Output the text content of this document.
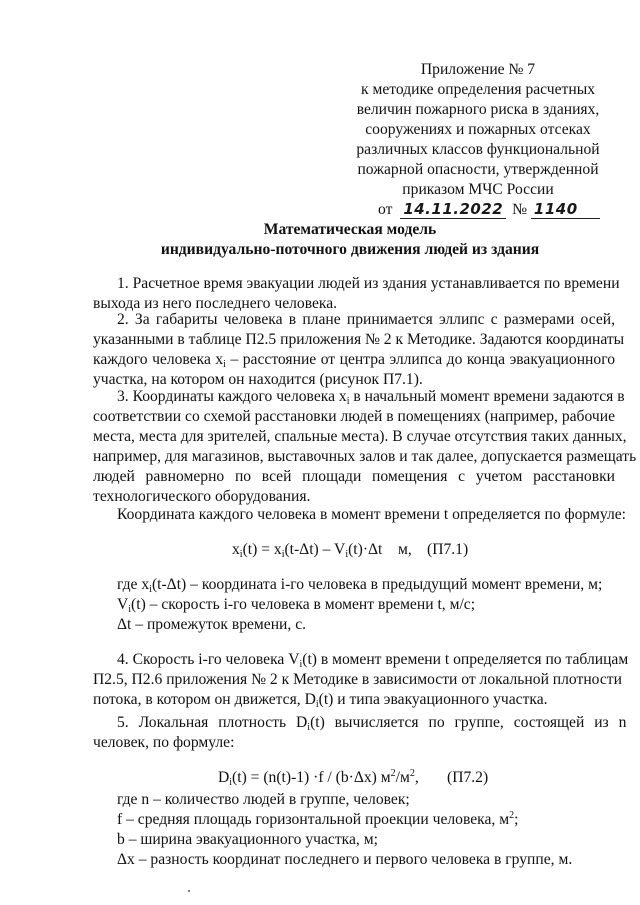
Приложение № 7
к методике определения расчетных
величин пожарного риска в зданиях,
сооружениях и пожарных отсеках
различных классов функциональной
пожарной опасности, утвержденной
приказом МЧС России
от 14.11.2022 № 1140
Математическая модель
индивидуально-поточного движения людей из здания
1. Расчетное время эвакуации людей из здания устанавливается по времени
выхода из него последнего человека.
2. За габариты человека в плане принимается эллипс с размерами осей,
указанными в таблице П2.5 приложения № 2 к Методике. Задаются координаты
каждого человека $x_i$ – расстояние от центра эллипса до конца эвакуационного
участка, на котором он находится (рисунок П7.1).
3. Координаты каждого человека $x_i$ в начальный момент времени задаются в
соответствии со схемой расстановки людей в помещениях (например, рабочие
места, места для зрителей, спальные места). В случае отсутствия таких данных,
например, для магазинов, выставочных залов и так далее, допускается размещать
людей равномерно по всей площади помещения с учетом расстановки
технологического оборудования.
Координата каждого человека в момент времени t определяется по формуле:
$x_i(t) = x_i(t-\Delta t) - V_i(t)\cdot\Delta t$    м, (П7.1)
где $x_i(t-\Delta t)$ – координата i-го человека в предыдущий момент времени, м;
$V_i(t)$ – скорость i-го человека в момент времени t, м/с;
Δt – промежуток времени, с.
4. Скорость i-го человека $V_i(t)$ в момент времени t определяется по таблицам
П2.5, П2.6 приложения № 2 к Методике в зависимости от локальной плотности
потока, в котором он движется, $D_i(t)$ и типа эвакуационного участка.
5. Локальная плотность $D_i(t)$ вычисляется по группе, состоящей из n
человек, по формуле:
$D_i(t) = (n(t)-1) \cdot f / (b\cdot\Delta x)$ $м^2/м^2$, (П7.2)
где n – количество людей в группе, человек;
f – средняя площадь горизонтальной проекции человека, $м^2$;
b – ширина эвакуационного участка, м;
Δx – разность координат последнего и первого человека в группе, м.
